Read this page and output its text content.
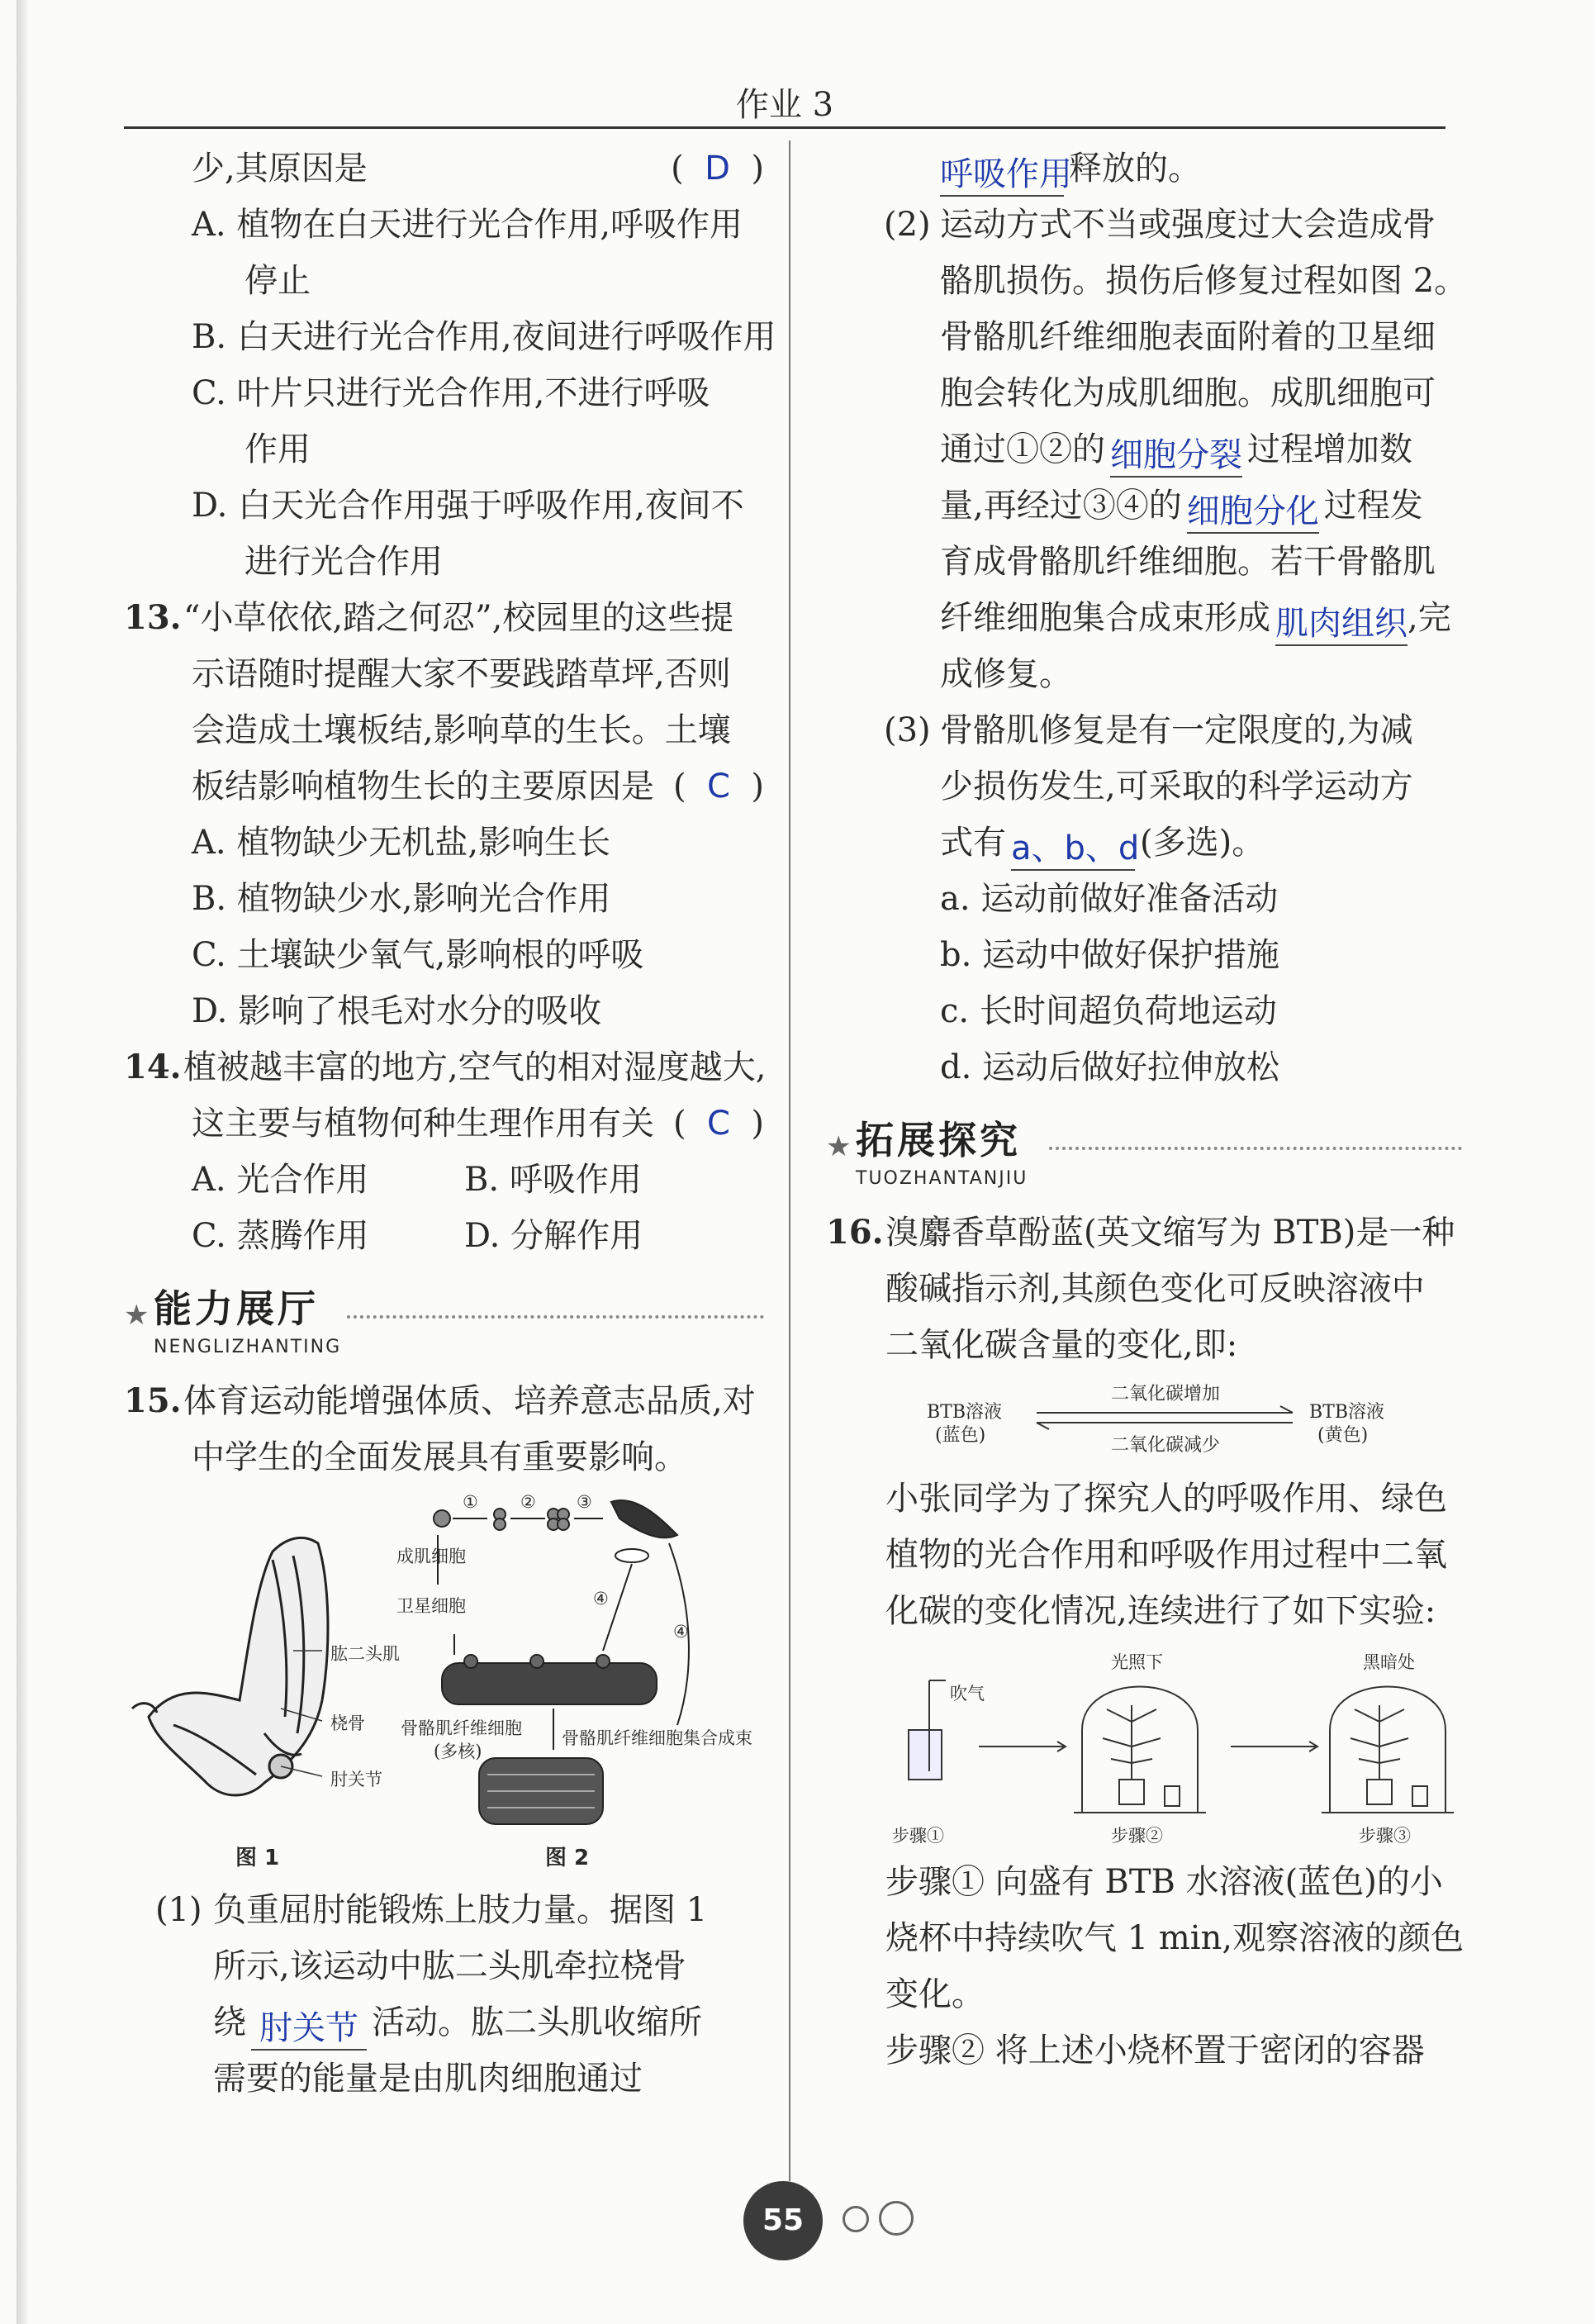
作业 3
少,其原因是	( D )
A. 植物在白天进行光合作用,呼吸作用
停止
B. 白天进行光合作用,夜间进行呼吸作用
C. 叶片只进行光合作用,不进行呼吸
作用
D. 白天光合作用强于呼吸作用,夜间不
进行光合作用
13.“小草依依,踏之何忍”,校园里的这些提
示语随时提醒大家不要践踏草坪,否则
会造成土壤板结,影响草的生长。土壤
板结影响植物生长的主要原因是 (  C  )
A. 植物缺少无机盐,影响生长
B. 植物缺少水,影响光合作用
C. 土壤缺少氧气,影响根的呼吸
D. 影响了根毛对水分的吸收
14.植被越丰富的地方,空气的相对湿度越大,
这主要与植物何种生理作用有关 (  C  )
A. 光合作用	B. 呼吸作用
C. 蒸腾作用	D. 分解作用
★ 能力展厅
NENGLIZHANTING
15.体育运动能增强体质、培养意志品质,对
中学生的全面发展具有重要影响。
肱二头肌
桡骨
肘关节
图 1
① ② ③
④
④
成肌细胞
卫星细胞
骨骼肌纤维细胞
(多核)
骨骼肌纤维细胞集合成束
图 2
(1) 负重屈肘能锻炼上肢力量。据图 1
所示,该运动中肱二头肌牵拉桡骨
绕 肘关节 活动。肱二头肌收缩所
需要的能量是由肌肉细胞通过
呼吸作用释放的。
(2) 运动方式不当或强度过大会造成骨
骼肌损伤。损伤后修复过程如图 2。
骨骼肌纤维细胞表面附着的卫星细
胞会转化为成肌细胞。成肌细胞可
通过①②的 细胞分裂 过程增加数
量,再经过③④的 细胞分化 过程发
育成骨骼肌纤维细胞。若干骨骼肌
纤维细胞集合成束形成 肌肉组织,完
成修复。
(3) 骨骼肌修复是有一定限度的,为减
少损伤发生,可采取的科学运动方
式有 a、b、d(多选)。
a. 运动前做好准备活动
b. 运动中做好保护措施
c. 长时间超负荷地运动
d. 运动后做好拉伸放松
★ 拓展探究
TUOZHANTANJIU
16.溴麝香草酚蓝(英文缩写为 BTB)是一种
酸碱指示剂,其颜色变化可反映溶液中
二氧化碳含量的变化,即:
BTB溶液
(蓝色)
BTB溶液
(黄色)
二氧化碳增加
二氧化碳减少
小张同学为了探究人的呼吸作用、绿色
植物的光合作用和呼吸作用过程中二氧
化碳的变化情况,连续进行了如下实验:
吹气
光照下	黑暗处
步骤①	步骤②	步骤③
步骤① 向盛有 BTB 水溶液(蓝色)的小
烧杯中持续吹气 1 min,观察溶液的颜色
变化。
步骤② 将上述小烧杯置于密闭的容器
55
